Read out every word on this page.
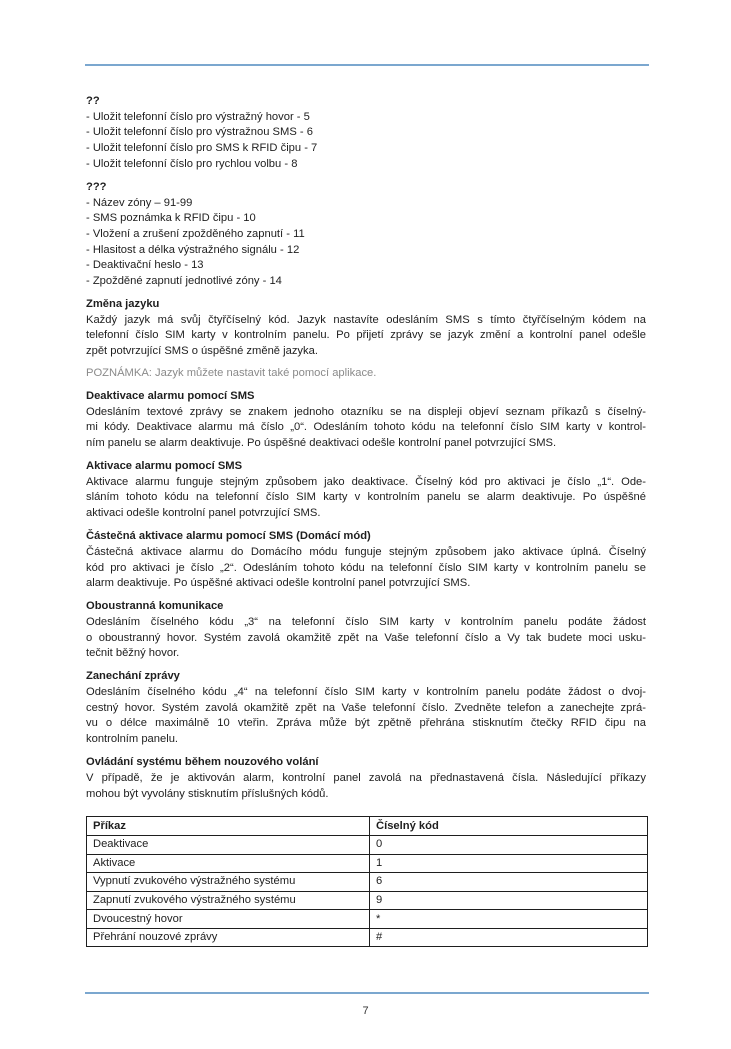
??
- Uložit telefonní číslo pro výstražný hovor - 5
- Uložit telefonní číslo pro výstražnou SMS - 6
- Uložit telefonní číslo pro SMS k RFID čipu - 7
- Uložit telefonní číslo pro rychlou volbu - 8
???
- Název zóny – 91-99
- SMS poznámka k RFID čipu - 10
- Vložení a zrušení zpožděného zapnutí - 11
- Hlasitost a délka výstražného signálu - 12
- Deaktivační heslo - 13
- Zpožděné zapnutí jednotlivé zóny - 14
Změna jazyku
Každý jazyk má svůj čtyřčíselný kód. Jazyk nastavíte odesláním SMS s tímto čtyřčíselným kódem na
telefonní číslo SIM karty v kontrolním panelu. Po přijetí zprávy se jazyk změní a kontrolní panel odešle
zpět potvrzující SMS o úspěšné změně jazyka.
POZNÁMKA: Jazyk můžete nastavit také pomocí aplikace.
Deaktivace alarmu pomocí SMS
Odesláním textové zprávy se znakem jednoho otazníku se na displeji objeví seznam příkazů s číselný-
mi kódy. Deaktivace alarmu má číslo „0“. Odesláním tohoto kódu na telefonní číslo SIM karty v kontrol-
ním panelu se alarm deaktivuje. Po úspěšné deaktivaci odešle kontrolní panel potvrzující SMS.
Aktivace alarmu pomocí SMS
Aktivace alarmu funguje stejným způsobem jako deaktivace. Číselný kód pro aktivaci je číslo „1“. Ode-
sláním tohoto kódu na telefonní číslo SIM karty v kontrolním panelu se alarm deaktivuje. Po úspěšné
aktivaci odešle kontrolní panel potvrzující SMS.
Částečná aktivace alarmu pomocí SMS (Domácí mód)
Částečná aktivace alarmu do Domácího módu funguje stejným způsobem jako aktivace úplná. Číselný
kód pro aktivaci je číslo „2“. Odesláním tohoto kódu na telefonní číslo SIM karty v kontrolním panelu se
alarm deaktivuje. Po úspěšné aktivaci odešle kontrolní panel potvrzující SMS.
Oboustranná komunikace
Odesláním číselného kódu „3“ na telefonní číslo SIM karty v kontrolním panelu podáte žádost
o oboustranný hovor. Systém zavolá okamžitě zpět na Vaše telefonní číslo a Vy tak budete moci usku-
tečnit běžný hovor.
Zanechání zprávy
Odesláním číselného kódu „4“ na telefonní číslo SIM karty v kontrolním panelu podáte žádost o dvoj-
cestný hovor. Systém zavolá okamžitě zpět na Vaše telefonní číslo. Zvedněte telefon a zanechejte zprá-
vu o délce maximálně 10 vteřin. Zpráva může být zpětně přehrána stisknutím čtečky RFID čipu na
kontrolním panelu.
Ovládání systému během nouzového volání
V případě, že je aktivován alarm, kontrolní panel zavolá na přednastavená čísla. Následující příkazy
mohou být vyvolány stisknutím příslušných kódů.
Příkaz	Číselný kód
Deaktivace	0
Aktivace	1
Vypnutí zvukového výstražného systému	6
Zapnutí zvukového výstražného systému	9
Dvoucestný hovor	*
Přehrání nouzové zprávy	#
7
